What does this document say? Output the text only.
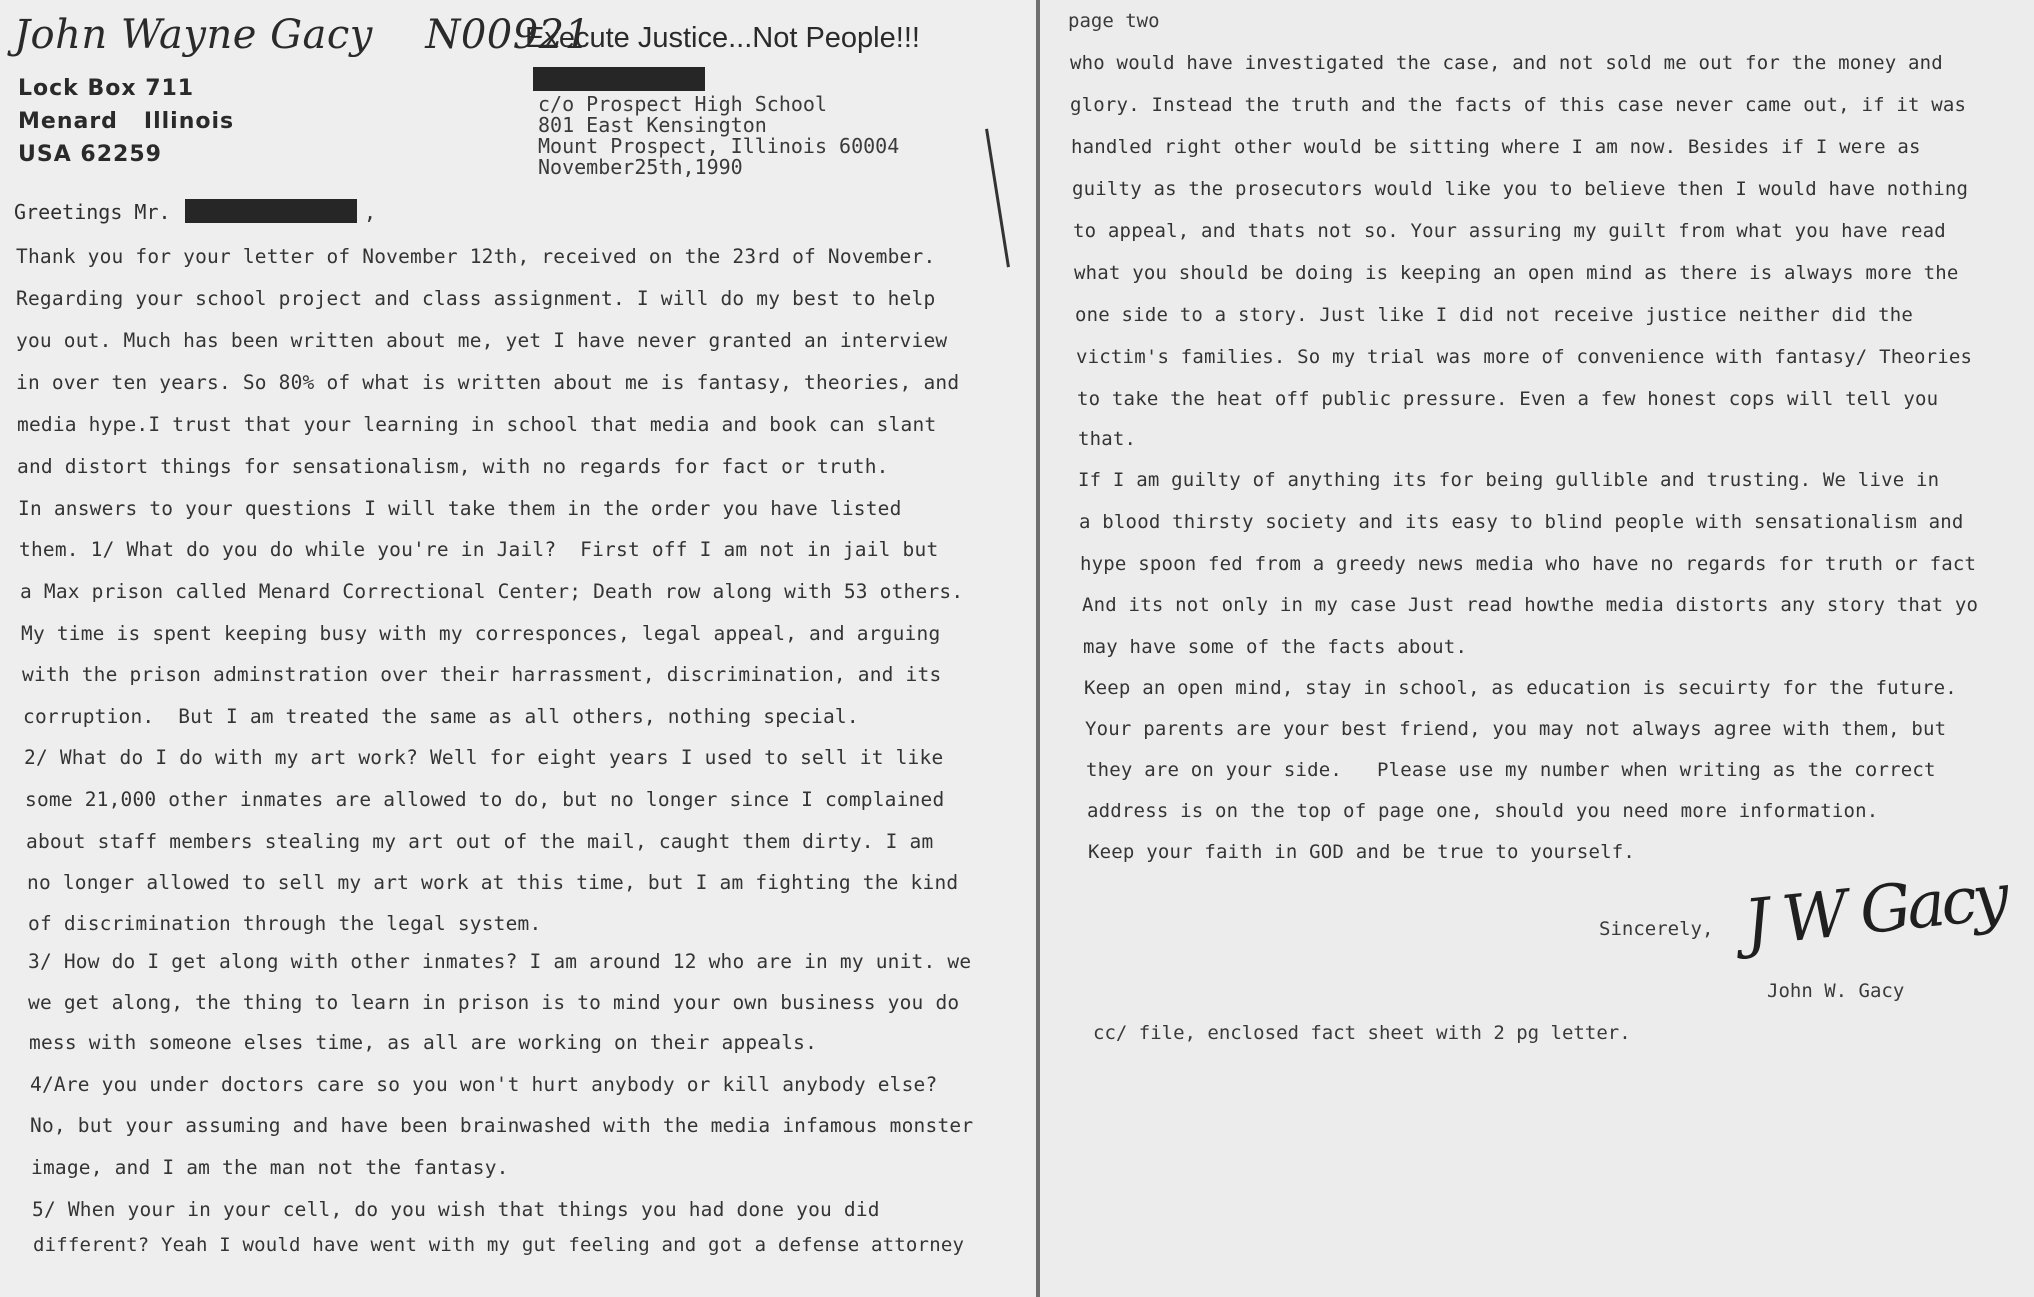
John Wayne Gacy N00921
Lock Box 711
Menard   Illinois
USA 62259
Execute Justice...Not People!!!
c/o Prospect High School
801 East Kensington
Mount Prospect, Illinois 60004
November25th,1990
Greetings Mr.	,
Thank you for your letter of November 12th, received on the 23rd of November.
Regarding your school project and class assignment. I will do my best to help
you out. Much has been written about me, yet I have never granted an interview
in over ten years. So 80% of what is written about me is fantasy, theories, and
media hype.I trust that your learning in school that media and book can slant
and distort things for sensationalism, with no regards for fact or truth.
In answers to your questions I will take them in the order you have listed
them. 1/ What do you do while you're in Jail?  First off I am not in jail but
a Max prison called Menard Correctional Center; Death row along with 53 others.
My time is spent keeping busy with my corresponces, legal appeal, and arguing
with the prison adminstration over their harrassment, discrimination, and its
corruption.  But I am treated the same as all others, nothing special.
2/ What do I do with my art work? Well for eight years I used to sell it like
some 21,000 other inmates are allowed to do, but no longer since I complained
about staff members stealing my art out of the mail, caught them dirty. I am
no longer allowed to sell my art work at this time, but I am fighting the kind
of discrimination through the legal system.
3/ How do I get along with other inmates? I am around 12 who are in my unit. we
we get along, the thing to learn in prison is to mind your own business you do
mess with someone elses time, as all are working on their appeals.
4/Are you under doctors care so you won't hurt anybody or kill anybody else?
No, but your assuming and have been brainwashed with the media infamous monster
image, and I am the man not the fantasy.
5/ When your in your cell, do you wish that things you had done you did
different? Yeah I would have went with my gut feeling and got a defense attorney
page two
who would have investigated the case, and not sold me out for the money and
glory. Instead the truth and the facts of this case never came out, if it was
handled right other would be sitting where I am now. Besides if I were as
guilty as the prosecutors would like you to believe then I would have nothing
to appeal, and thats not so. Your assuring my guilt from what you have read
what you should be doing is keeping an open mind as there is always more the
one side to a story. Just like I did not receive justice neither did the
victim's families. So my trial was more of convenience with fantasy/ Theories
to take the heat off public pressure. Even a few honest cops will tell you
that.
If I am guilty of anything its for being gullible and trusting. We live in
a blood thirsty society and its easy to blind people with sensationalism and
hype spoon fed from a greedy news media who have no regards for truth or fact
And its not only in my case Just read howthe media distorts any story that yo
may have some of the facts about.
Keep an open mind, stay in school, as education is secuirty for the future.
Your parents are your best friend, you may not always agree with them, but
they are on your side.   Please use my number when writing as the correct
address is on the top of page one, should you need more information.
Keep your faith in GOD and be true to yourself.
Sincerely, J W Gacy
John W. Gacy
cc/ file, enclosed fact sheet with 2 pg letter.
